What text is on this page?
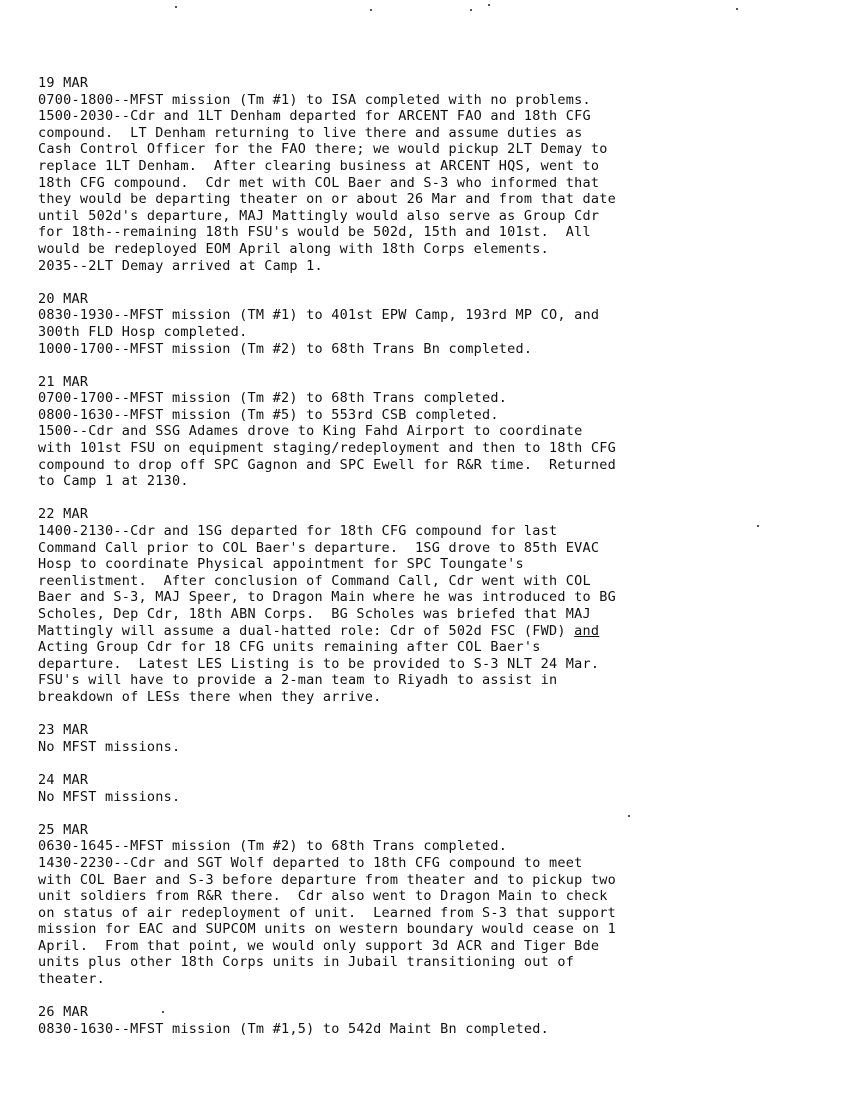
19 MAR
0700-1800--MFST mission (Tm #1) to ISA completed with no problems.
1500-2030--Cdr and 1LT Denham departed for ARCENT FAO and 18th CFG
compound.  LT Denham returning to live there and assume duties as
Cash Control Officer for the FAO there; we would pickup 2LT Demay to
replace 1LT Denham.  After clearing business at ARCENT HQS, went to
18th CFG compound.  Cdr met with COL Baer and S-3 who informed that
they would be departing theater on or about 26 Mar and from that date
until 502d's departure, MAJ Mattingly would also serve as Group Cdr
for 18th--remaining 18th FSU's would be 502d, 15th and 101st.  All
would be redeployed EOM April along with 18th Corps elements.
2035--2LT Demay arrived at Camp 1.
20 MAR
0830-1930--MFST mission (TM #1) to 401st EPW Camp, 193rd MP CO, and
300th FLD Hosp completed.
1000-1700--MFST mission (Tm #2) to 68th Trans Bn completed.
21 MAR
0700-1700--MFST mission (Tm #2) to 68th Trans completed.
0800-1630--MFST mission (Tm #5) to 553rd CSB completed.
1500--Cdr and SSG Adames drove to King Fahd Airport to coordinate
with 101st FSU on equipment staging/redeployment and then to 18th CFG
compound to drop off SPC Gagnon and SPC Ewell for R&R time.  Returned
to Camp 1 at 2130.
22 MAR
1400-2130--Cdr and 1SG departed for 18th CFG compound for last
Command Call prior to COL Baer's departure.  1SG drove to 85th EVAC
Hosp to coordinate Physical appointment for SPC Toungate's
reenlistment.  After conclusion of Command Call, Cdr went with COL
Baer and S-3, MAJ Speer, to Dragon Main where he was introduced to BG
Scholes, Dep Cdr, 18th ABN Corps.  BG Scholes was briefed that MAJ
Mattingly will assume a dual-hatted role: Cdr of 502d FSC (FWD) and
Acting Group Cdr for 18 CFG units remaining after COL Baer's
departure.  Latest LES Listing is to be provided to S-3 NLT 24 Mar.
FSU's will have to provide a 2-man team to Riyadh to assist in
breakdown of LESs there when they arrive.
23 MAR
No MFST missions.
24 MAR
No MFST missions.
25 MAR
0630-1645--MFST mission (Tm #2) to 68th Trans completed.
1430-2230--Cdr and SGT Wolf departed to 18th CFG compound to meet
with COL Baer and S-3 before departure from theater and to pickup two
unit soldiers from R&R there.  Cdr also went to Dragon Main to check
on status of air redeployment of unit.  Learned from S-3 that support
mission for EAC and SUPCOM units on western boundary would cease on 1
April.  From that point, we would only support 3d ACR and Tiger Bde
units plus other 18th Corps units in Jubail transitioning out of
theater.
26 MAR
0830-1630--MFST mission (Tm #1,5) to 542d Maint Bn completed.
